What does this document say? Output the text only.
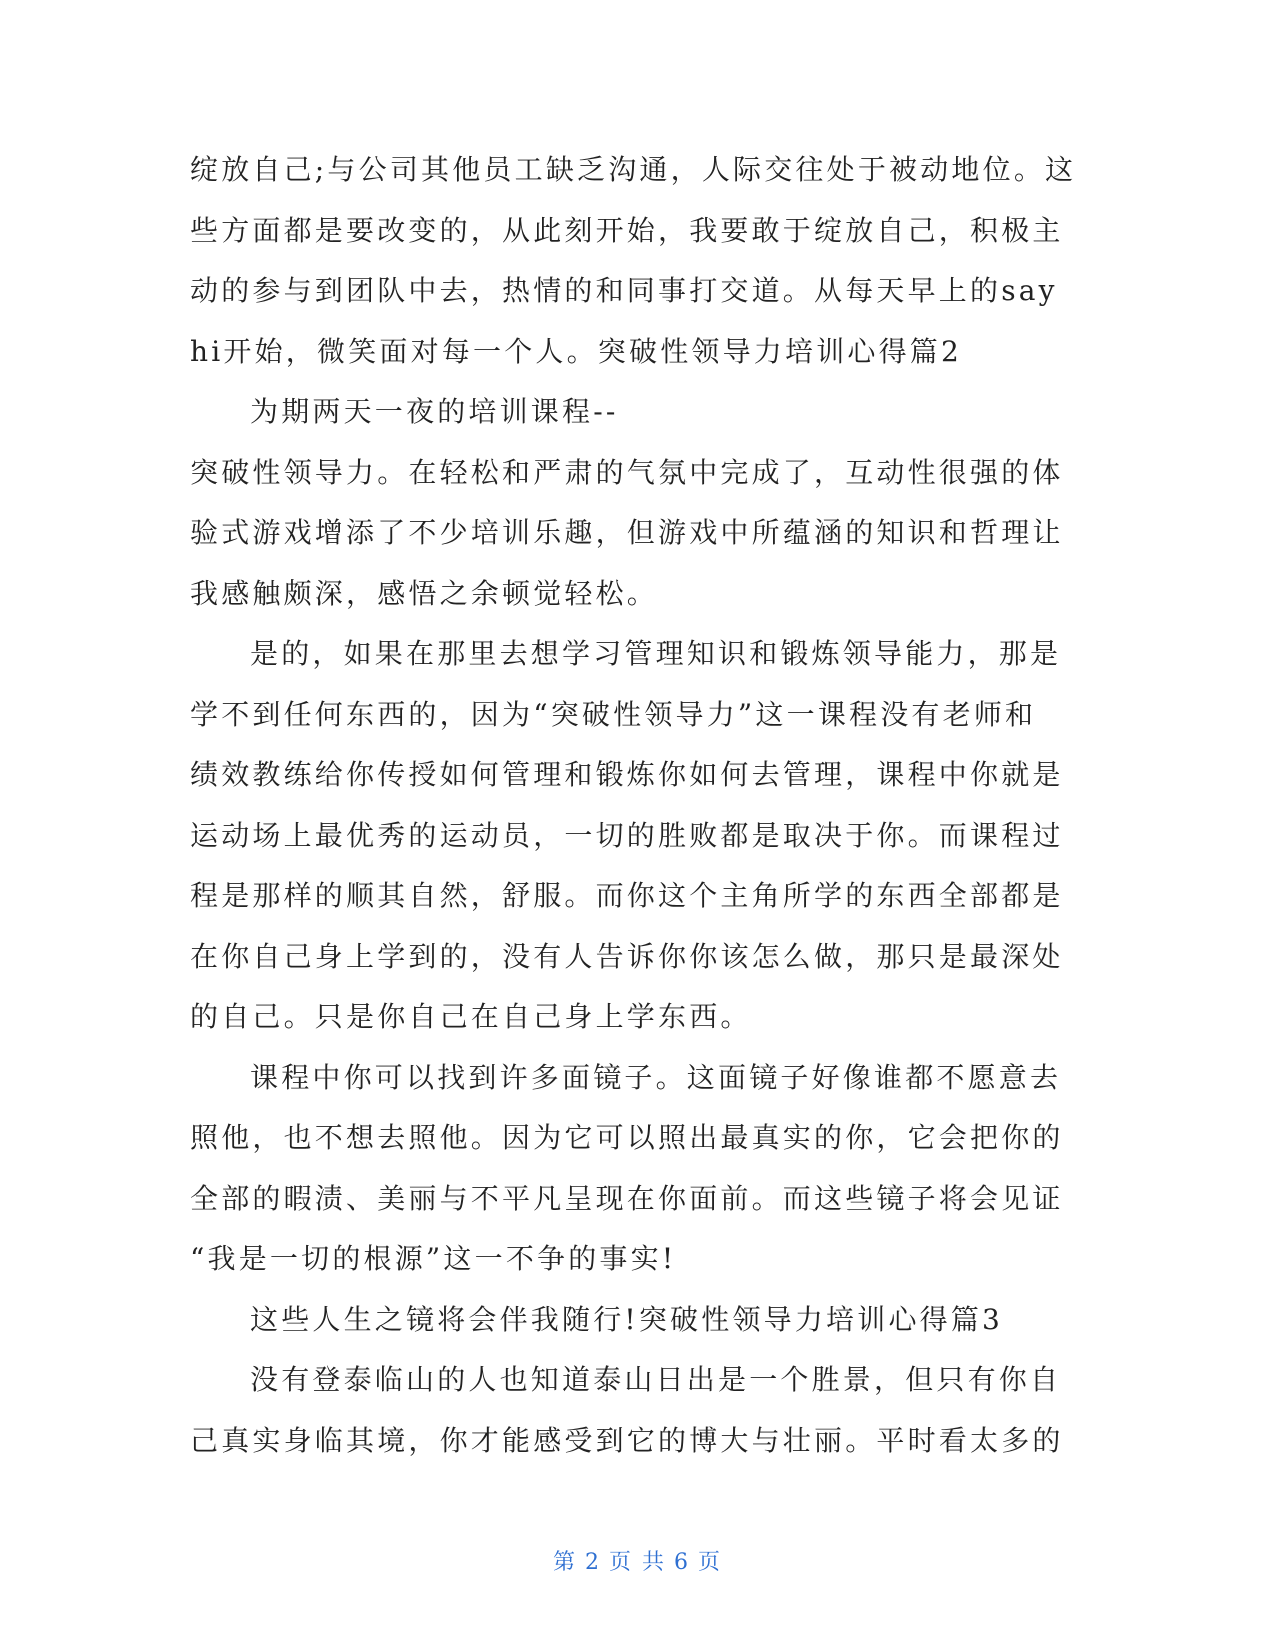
绽放自己;与公司其他员工缺乏沟通，人际交往处于被动地位。这
些方面都是要改变的，从此刻开始，我要敢于绽放自己，积极主
动的参与到团队中去，热情的和同事打交道。从每天早上的say
hi开始，微笑面对每一个人。突破性领导力培训心得篇2
为期两天一夜的培训课程--
突破性领导力。在轻松和严肃的气氛中完成了，互动性很强的体
验式游戏增添了不少培训乐趣，但游戏中所蕴涵的知识和哲理让
我感触颇深，感悟之余顿觉轻松。
是的，如果在那里去想学习管理知识和锻炼领导能力，那是
学不到任何东西的，因为“突破性领导力”这一课程没有老师和
绩效教练给你传授如何管理和锻炼你如何去管理，课程中你就是
运动场上最优秀的运动员，一切的胜败都是取决于你。而课程过
程是那样的顺其自然，舒服。而你这个主角所学的东西全部都是
在你自己身上学到的，没有人告诉你你该怎么做，那只是最深处
的自己。只是你自己在自己身上学东西。
课程中你可以找到许多面镜子。这面镜子好像谁都不愿意去
照他，也不想去照他。因为它可以照出最真实的你，它会把你的
全部的暇渍、美丽与不平凡呈现在你面前。而这些镜子将会见证
“我是一切的根源”这一不争的事实!
这些人生之镜将会伴我随行!突破性领导力培训心得篇3
没有登泰临山的人也知道泰山日出是一个胜景，但只有你自
己真实身临其境，你才能感受到它的博大与壮丽。平时看太多的
第 2 页 共 6 页
